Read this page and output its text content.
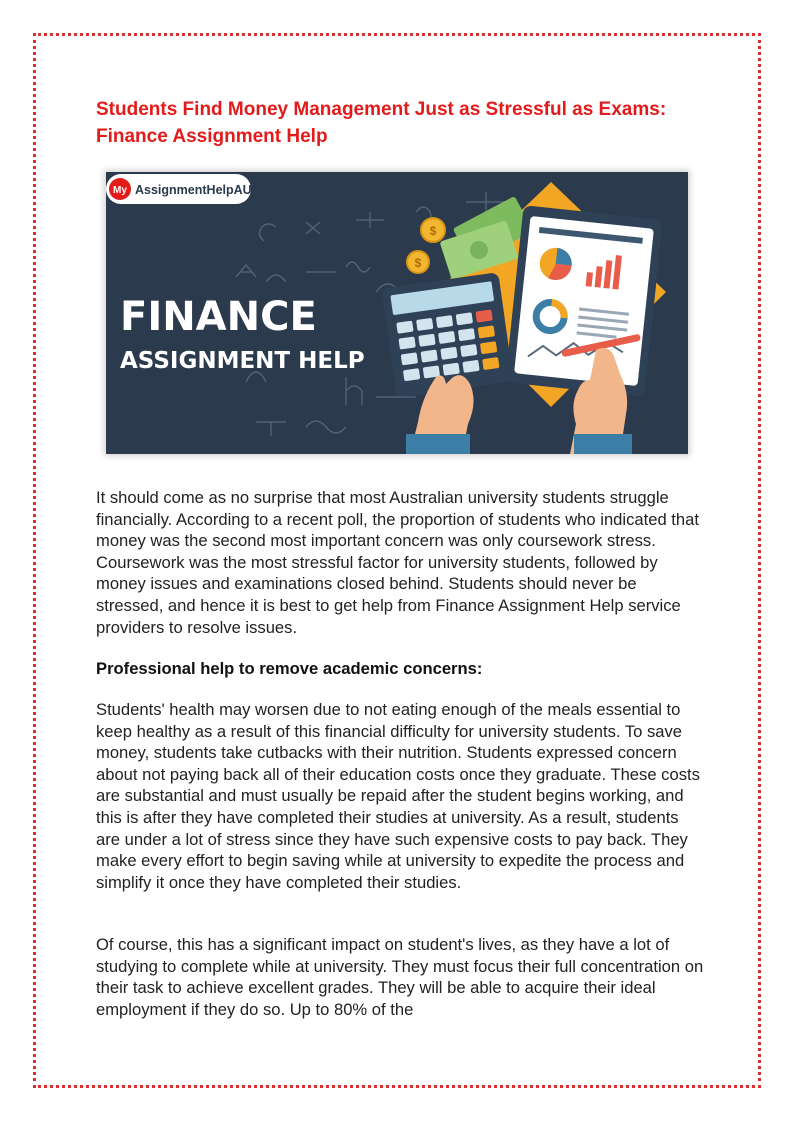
Students Find Money Management Just as Stressful as Exams: Finance Assignment Help
My AssignmentHelpAU
FINANCE
ASSIGNMENT HELP
$
$

It should come as no surprise that most Australian university students struggle financially. According to a recent poll, the proportion of students who indicated that money was the second most important concern was only coursework stress. Coursework was the most stressful factor for university students, followed by money issues and examinations closed behind. Students should never be stressed, and hence it is best to get help from Finance Assignment Help service providers to resolve issues.

Professional help to remove academic concerns:

Students' health may worsen due to not eating enough of the meals essential to keep healthy as a result of this financial difficulty for university students. To save money, students take cutbacks with their nutrition. Students expressed concern about not paying back all of their education costs once they graduate. These costs are substantial and must usually be repaid after the student begins working, and this is after they have completed their studies at university. As a result, students are under a lot of stress since they have such expensive costs to pay back. They make every effort to begin saving while at university to expedite the process and simplify it once they have completed their studies.

Of course, this has a significant impact on student's lives, as they have a lot of studying to complete while at university. They must focus their full concentration on their task to achieve excellent grades. They will be able to acquire their ideal employment if they do so. Up to 80% of the
